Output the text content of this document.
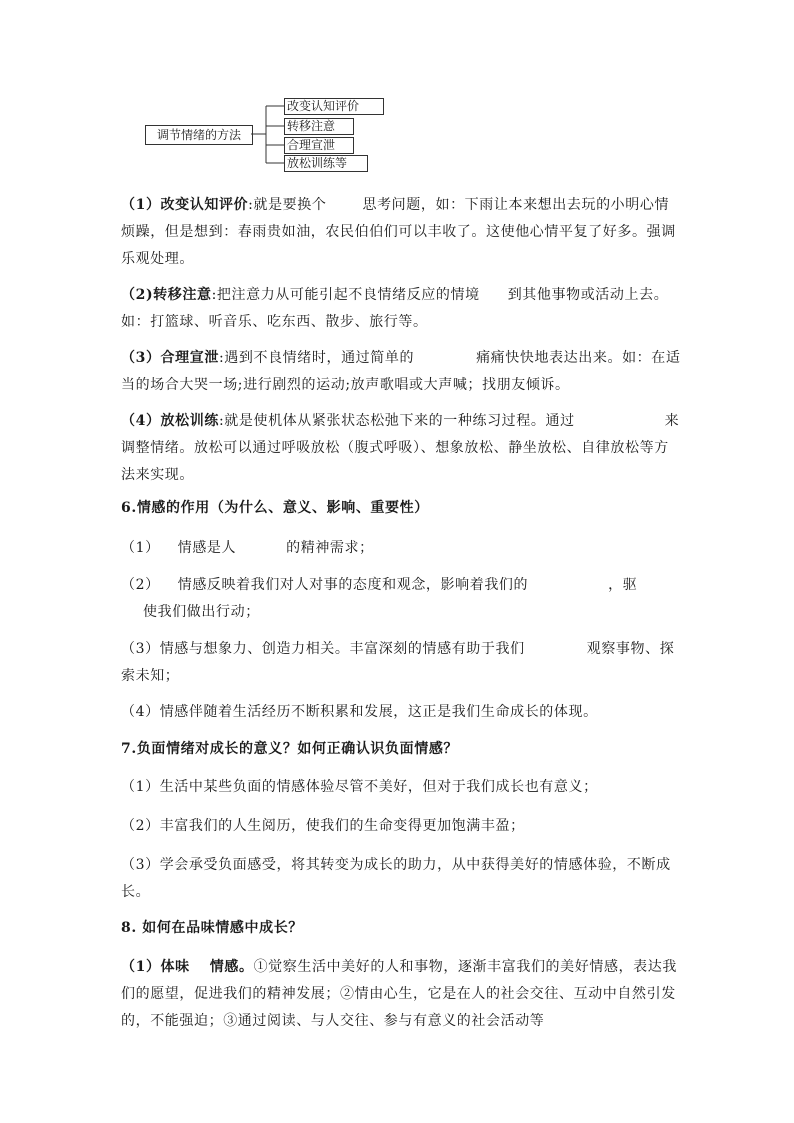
调节情绪的方法
改变认知评价
转移注意
合理宣泄
放松训练等
（1）改变认知评价:就是要换个	思考问题，如：下雨让本来想出去玩的小明心情烦躁，但是想到：春雨贵如油，农民伯伯们可以丰收了。这使他心情平复了好多。强调乐观处理。
（2)转移注意:把注意力从可能引起不良情绪反应的情境 到其他事物或活动上去。如：打篮球、听音乐、吃东西、散步、旅行等。
（3）合理宣泄:遇到不良情绪时，通过简单的	痛痛快快地表达出来。如：在适当的场合大哭一场;进行剧烈的运动;放声歌唱或大声喊；找朋友倾诉。
（4）放松训练:就是使机体从紧张状态松弛下来的一种练习过程。通过	来调整情绪。放松可以通过呼吸放松（腹式呼吸）、想象放松、静坐放松、自律放松等方法来实现。
6.情感的作用（为什么、意义、影响、重要性）
（1） 情感是人	的精神需求；
（2） 情感反映着我们对人对事的态度和观念，影响着我们的	，驱
使我们做出行动；
（3）情感与想象力、创造力相关。丰富深刻的情感有助于我们	观察事物、探索未知；
（4）情感伴随着生活经历不断积累和发展，这正是我们生命成长的体现。
7.负面情绪对成长的意义？如何正确认识负面情感？
（1）生活中某些负面的情感体验尽管不美好，但对于我们成长也有意义；
（2）丰富我们的人生阅历，使我们的生命变得更加饱满丰盈；
（3）学会承受负面感受，将其转变为成长的助力，从中获得美好的情感体验，不断成长。
8. 如何在品味情感中成长？
（1）体味 情感。①觉察生活中美好的人和事物，逐渐丰富我们的美好情感，表达我们的愿望，促进我们的精神发展；②情由心生，它是在人的社会交往、互动中自然引发的，不能强迫；③通过阅读、与人交往、参与有意义的社会活动等
